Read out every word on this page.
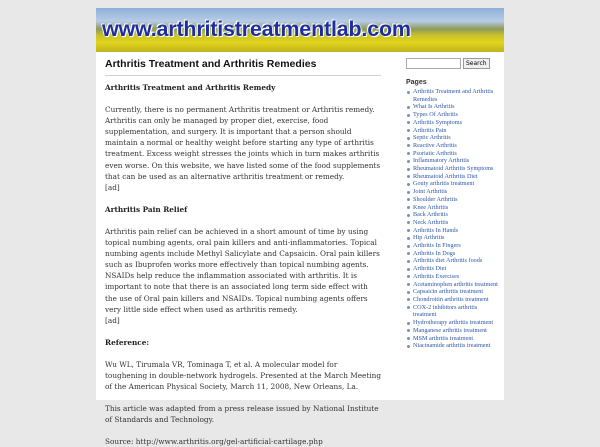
www.arthritistreatmentlab.com
Arthritis Treatment and Arthritis Remedies
Arthritis Treatment and Arthritis Remedy

Currently, there is no permanent Arthritis treatment or Arthritis remedy. Arthritis can only be managed by proper diet, exercise, food supplementation, and surgery. It is important that a person should maintain a normal or healthy weight before starting any type of arthritis treatment. Excess weight stresses the joints which in turn makes arthritis even worse. On this website, we have listed some of the food supplements that can be used as an alternative arthritis treatment or remedy.

[ad]

Arthritis Pain Relief

Arthritis pain relief can be achieved in a short amount of time by using topical numbing agents, oral pain killers and anti-inflammatories. Topical numbing agents include Methyl Salicylate and Capsaicin. Oral pain killers such as Ibuprofen works more effectively than topical numbing agents. NSAIDs help reduce the inflammation associated with arthritis. It is important to note that there is an associated long term side effect with the use of Oral pain killers and NSAIDs. Topical numbing agents offers very little side effect when used as arthritis remedy.

[ad]

Reference:

Wu WL, Tirumala VR, Tominaga T, et al. A molecular model for toughening in double-network hydrogels. Presented at the March Meeting of the American Physical Society, March 11, 2008, New Orleans, La.

This article was adapted from a press release issued by National Institute of Standards and Technology.

Source: http://www.arthritis.org/gel-artificial-cartilage.php

Search
Pages
Arthritis Treatment and Arthritis Remedies
What Is Arthritis
Types Of Arthritis
Arthritis Symptoms
Arthritis Pain
Septic Arthritis
Reactive Arthritis
Psoriatic Arthritis
Inflammatory Arthritis
Rheumatoid Arthritis Symptoms
Rheumatoid Arthritis Diet
Gouty arthritis treatment
Joint Arthritis
Shoulder Arthritis
Knee Arthritis
Back Arthritis
Neck Arthritis
Arthritis In Hands
Hip Arthritis
Arthritis In Fingers
Arthritis In Dogs
Arthritis diet Arthritis foods
Arthritis Diet
Arthritis Exercises
Acetaminophen arthritis treatment
Capsaicin arthritis treatment
Chondroitin arthritis treatment
COX-2 inhibitors arthritis treatment
Hydrotherapy arthritis treatment
Manganese arthritis treatment
MSM arthritis treatment
Niacinamide arthritis treatment
